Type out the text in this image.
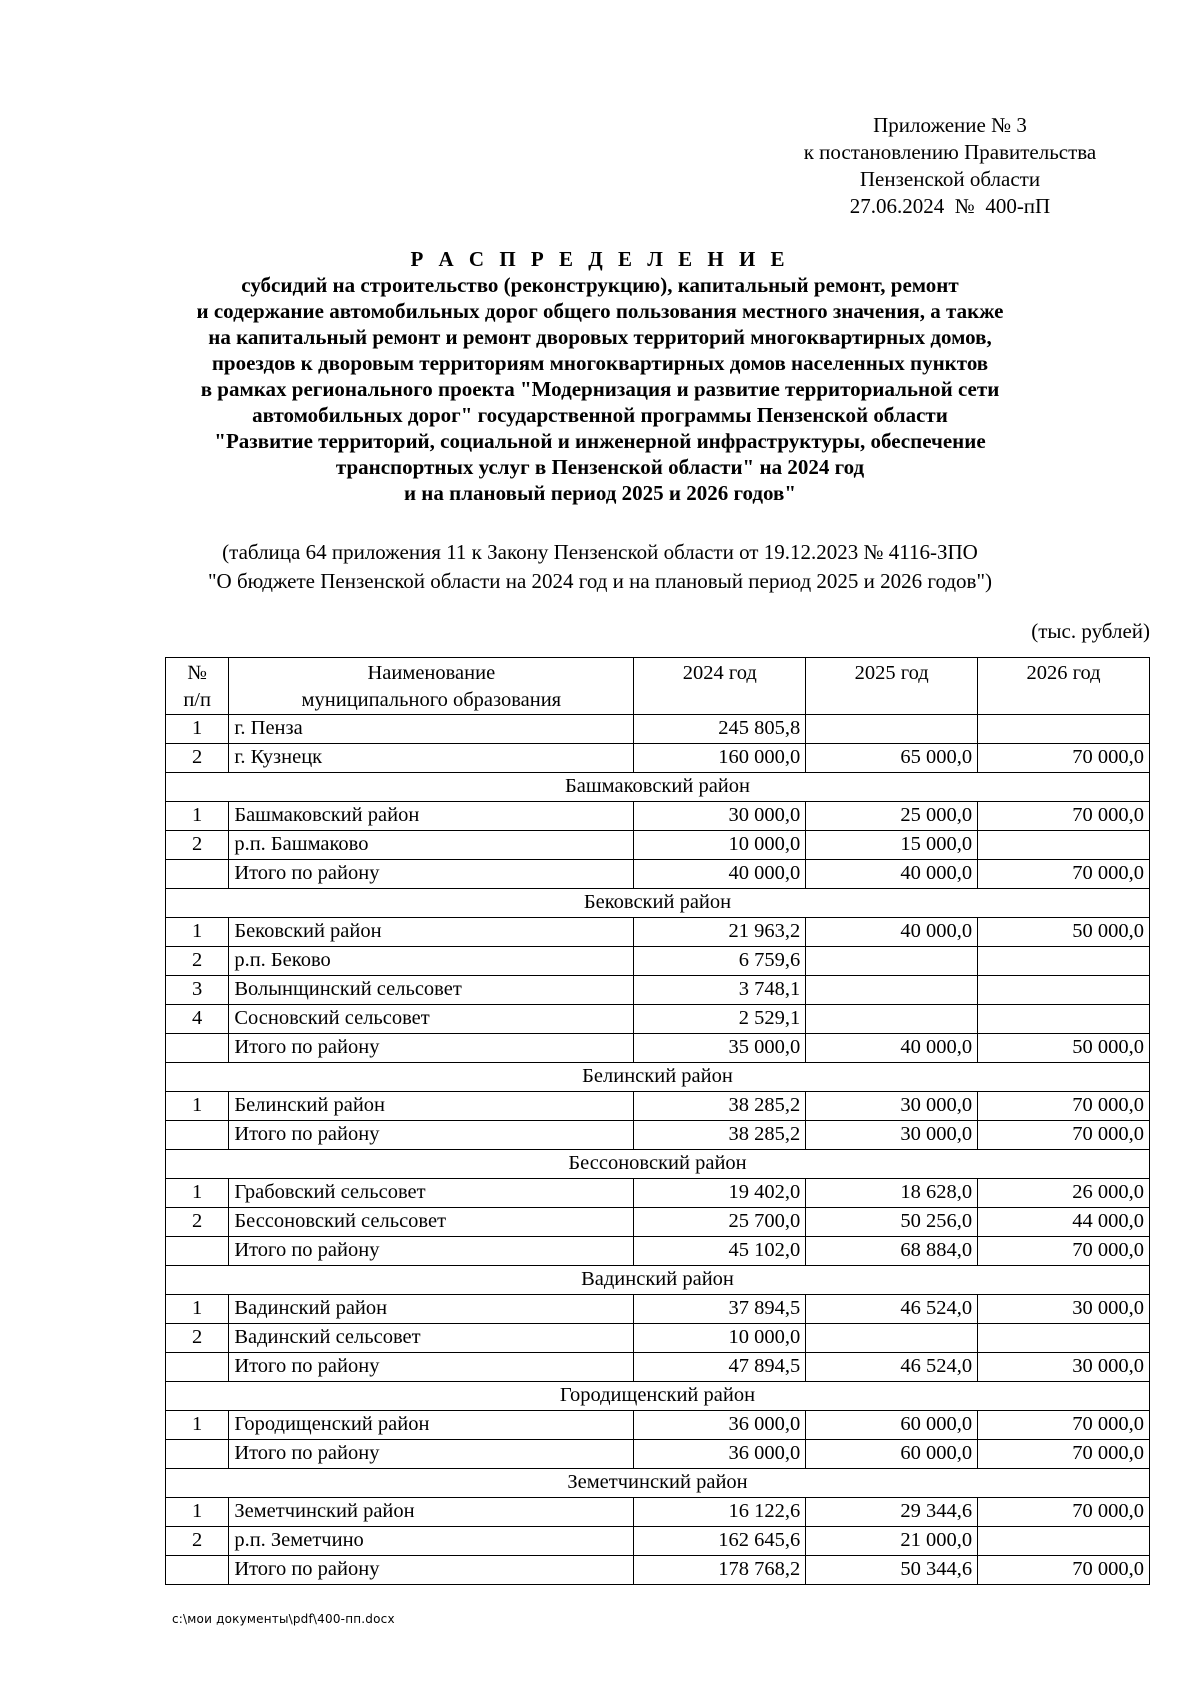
Приложение № 3
к постановлению Правительства
Пензенской области
27.06.2024  №  400-пП
Р А С П Р Е Д Е Л Е Н И Е
субсидий на строительство (реконструкцию), капитальный ремонт, ремонт
и содержание автомобильных дорог общего пользования местного значения, а также
на капитальный ремонт и ремонт дворовых территорий многоквартирных домов,
проездов к дворовым территориям многоквартирных домов населенных пунктов
в рамках регионального проекта "Модернизация и развитие территориальной сети
автомобильных дорог" государственной программы Пензенской области
"Развитие территорий, социальной и инженерной инфраструктуры, обеспечение
транспортных услуг в Пензенской области" на 2024 год
и на плановый период 2025 и 2026 годов"
(таблица 64 приложения 11 к Закону Пензенской области от 19.12.2023 № 4116-ЗПО
"О бюджете Пензенской области на 2024 год и на плановый период 2025 и 2026 годов")
(тыс. рублей)
№
п/п	Наименование
муниципального образования	2024 год	2025 год	2026 год
1	г. Пенза	245 805,8		
2	г. Кузнецк	160 000,0	65 000,0	70 000,0
Башмаковский район				
1	Башмаковский район	30 000,0	25 000,0	70 000,0
2	р.п. Башмаково	10 000,0	15 000,0	
	Итого по району	40 000,0	40 000,0	70 000,0
Бековский район				
1	Бековский район	21 963,2	40 000,0	50 000,0
2	р.п. Беково	6 759,6		
3	Волынщинский сельсовет	3 748,1		
4	Сосновский сельсовет	2 529,1		
	Итого по району	35 000,0	40 000,0	50 000,0
Белинский район				
1	Белинский район	38 285,2	30 000,0	70 000,0
	Итого по району	38 285,2	30 000,0	70 000,0
Бессоновский район				
1	Грабовский сельсовет	19 402,0	18 628,0	26 000,0
2	Бессоновский сельсовет	25 700,0	50 256,0	44 000,0
	Итого по району	45 102,0	68 884,0	70 000,0
Вадинский район				
1	Вадинский район	37 894,5	46 524,0	30 000,0
2	Вадинский сельсовет	10 000,0		
	Итого по району	47 894,5	46 524,0	30 000,0
Городищенский район				
1	Городищенский район	36 000,0	60 000,0	70 000,0
	Итого по району	36 000,0	60 000,0	70 000,0
Земетчинский район				
1	Земетчинский район	16 122,6	29 344,6	70 000,0
2	р.п. Земетчино	162 645,6	21 000,0	
	Итого по району	178 768,2	50 344,6	70 000,0
c:\мои документы\pdf\400-пп.docx
